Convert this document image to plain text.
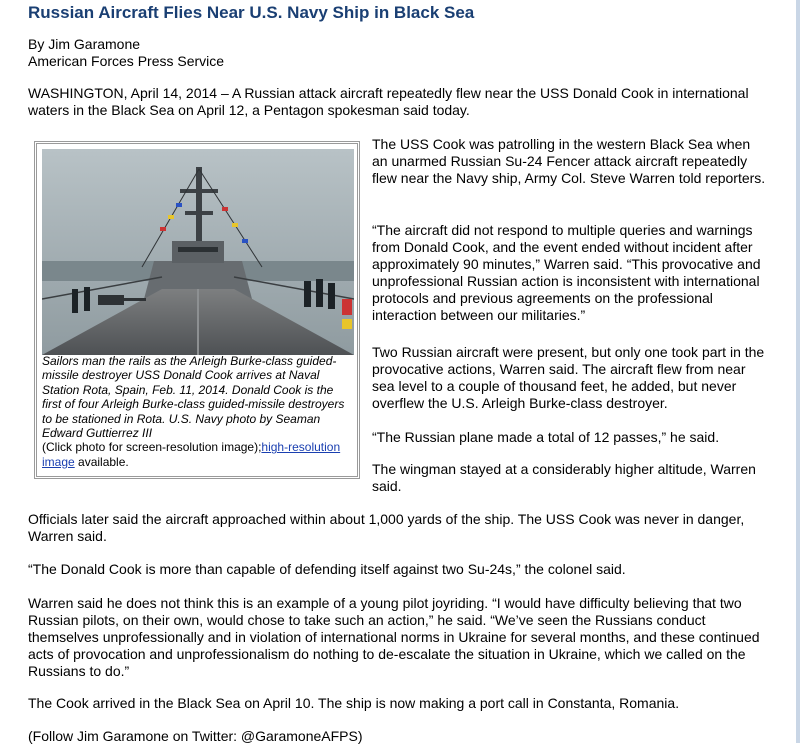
Russian Aircraft Flies Near U.S. Navy Ship in Black Sea
By Jim Garamone
American Forces Press Service

WASHINGTON, April 14, 2014 – A Russian attack aircraft repeatedly flew near the USS Donald Cook in international waters in the Black Sea on April 12, a Pentagon spokesman said today.

Sailors man the rails as the Arleigh Burke-class guided-missile destroyer USS Donald Cook arrives at Naval Station Rota, Spain, Feb. 11, 2014. Donald Cook is the first of four Arleigh Burke-class guided-missile destroyers to be stationed in Rota. U.S. Navy photo by Seaman Edward Guttierrez III
(Click photo for screen-resolution image);high-resolution image available.

The USS Cook was patrolling in the western Black Sea when an unarmed Russian Su-24 Fencer attack aircraft repeatedly flew near the Navy ship, Army Col. Steve Warren told reporters.

“The aircraft did not respond to multiple queries and warnings from Donald Cook, and the event ended without incident after approximately 90 minutes,” Warren said. “This provocative and unprofessional Russian action is inconsistent with international protocols and previous agreements on the professional interaction between our militaries.”

Two Russian aircraft were present, but only one took part in the provocative actions, Warren said. The aircraft flew from near sea level to a couple of thousand feet, he added, but never overflew the U.S. Arleigh Burke-class destroyer.

“The Russian plane made a total of 12 passes,” he said.

The wingman stayed at a considerably higher altitude, Warren said.

Officials later said the aircraft approached within about 1,000 yards of the ship. The USS Cook was never in danger, Warren said.

“The Donald Cook is more than capable of defending itself against two Su-24s,” the colonel said.

Warren said he does not think this is an example of a young pilot joyriding. “I would have difficulty believing that two Russian pilots, on their own, would chose to take such an action,” he said. “We’ve seen the Russians conduct themselves unprofessionally and in violation of international norms in Ukraine for several months, and these continued acts of provocation and unprofessionalism do nothing to de-escalate the situation in Ukraine, which we called on the Russians to do.”

The Cook arrived in the Black Sea on April 10. The ship is now making a port call in Constanta, Romania.

(Follow Jim Garamone on Twitter: @GaramoneAFPS)
